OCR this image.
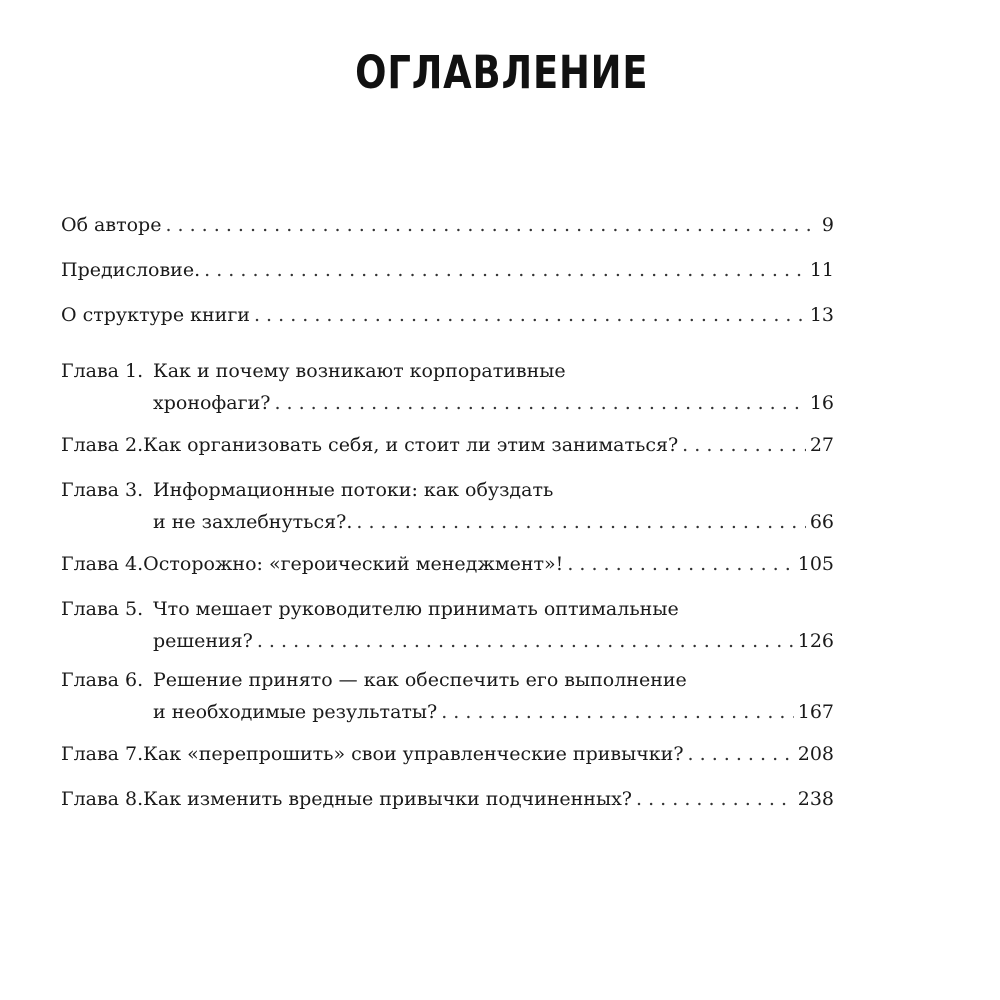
ОГЛАВЛЕНИЕ
Об авторе . . .	9
Предисловие. . . .	11
О структуре книги . . .	13
Глава 1. Как и почему возникают корпоративные
хронофаги? . . .	16
Глава 2. Как организовать себя, и стоит ли этим заниматься? . . .	27
Глава 3. Информационные потоки: как обуздать
и не захлебнуться?. . . .	66
Глава 4. Осторожно: «героический менеджмент»! . . .	105
Глава 5. Что мешает руководителю принимать оптимальные
решения? . . .	126
Глава 6. Решение принято — как обеспечить его выполнение
и необходимые результаты? . . .	167
Глава 7. Как «перепрошить» свои управленческие привычки? . . .	208
Глава 8. Как изменить вредные привычки подчиненных? . . .	238
